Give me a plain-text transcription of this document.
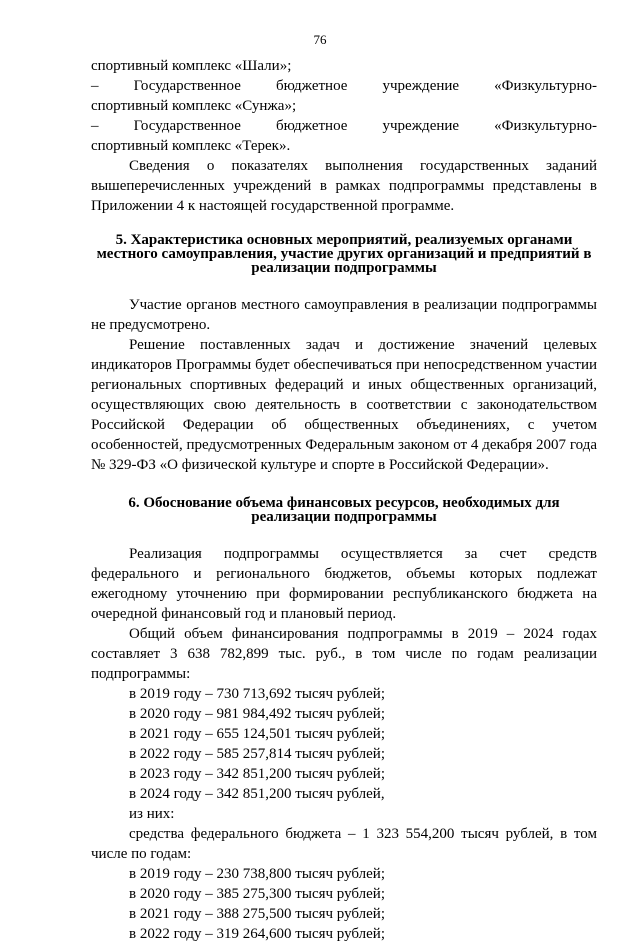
76

спортивный комплекс «Шали»;

– Государственное бюджетное учреждение «Физкультурно-
спортивный комплекс «Сунжа»;
– Государственное бюджетное учреждение «Физкультурно-
спортивный комплекс «Терек».

Сведения о показателях выполнения государственных заданий вышеперечисленных учреждений в рамках подпрограммы представлены в Приложении 4 к настоящей государственной программе.

5. Характеристика основных мероприятий, реализуемых органами местного самоуправления, участие других организаций и предприятий в реализации подпрограммы

Участие органов местного самоуправления в реализации подпрограммы не предусмотрено.

Решение поставленных задач и достижение значений целевых индикаторов Программы будет обеспечиваться при непосредственном участии региональных спортивных федераций и иных общественных организаций, осуществляющих свою деятельность в соответствии с законодательством Российской Федерации об общественных объединениях, с учетом особенностей, предусмотренных Федеральным законом от 4 декабря 2007 года № 329-ФЗ «О физической культуре и спорте в Российской Федерации».

6. Обоснование объема финансовых ресурсов, необходимых для реализации подпрограммы

Реализация подпрограммы осуществляется за счет средств федерального и регионального бюджетов, объемы которых подлежат ежегодному уточнению при формировании республиканского бюджета на очередной финансовый год и плановый период.

Общий объем финансирования подпрограммы в 2019 – 2024 годах составляет 3 638 782,899 тыс. руб., в том числе по годам реализации подпрограммы:

в 2019 году – 730 713,692 тысяч рублей;
в 2020 году – 981 984,492 тысяч рублей;
в 2021 году – 655 124,501 тысяч рублей;
в 2022 году – 585 257,814 тысяч рублей;
в 2023 году – 342 851,200 тысяч рублей;
в 2024 году – 342 851,200 тысяч рублей,

из них:

средства федерального бюджета – 1 323 554,200 тысяч рублей, в том числе по годам:

в 2019 году – 230 738,800 тысяч рублей;
в 2020 году – 385 275,300 тысяч рублей;
в 2021 году – 388 275,500 тысяч рублей;
в 2022 году – 319 264,600 тысяч рублей;
